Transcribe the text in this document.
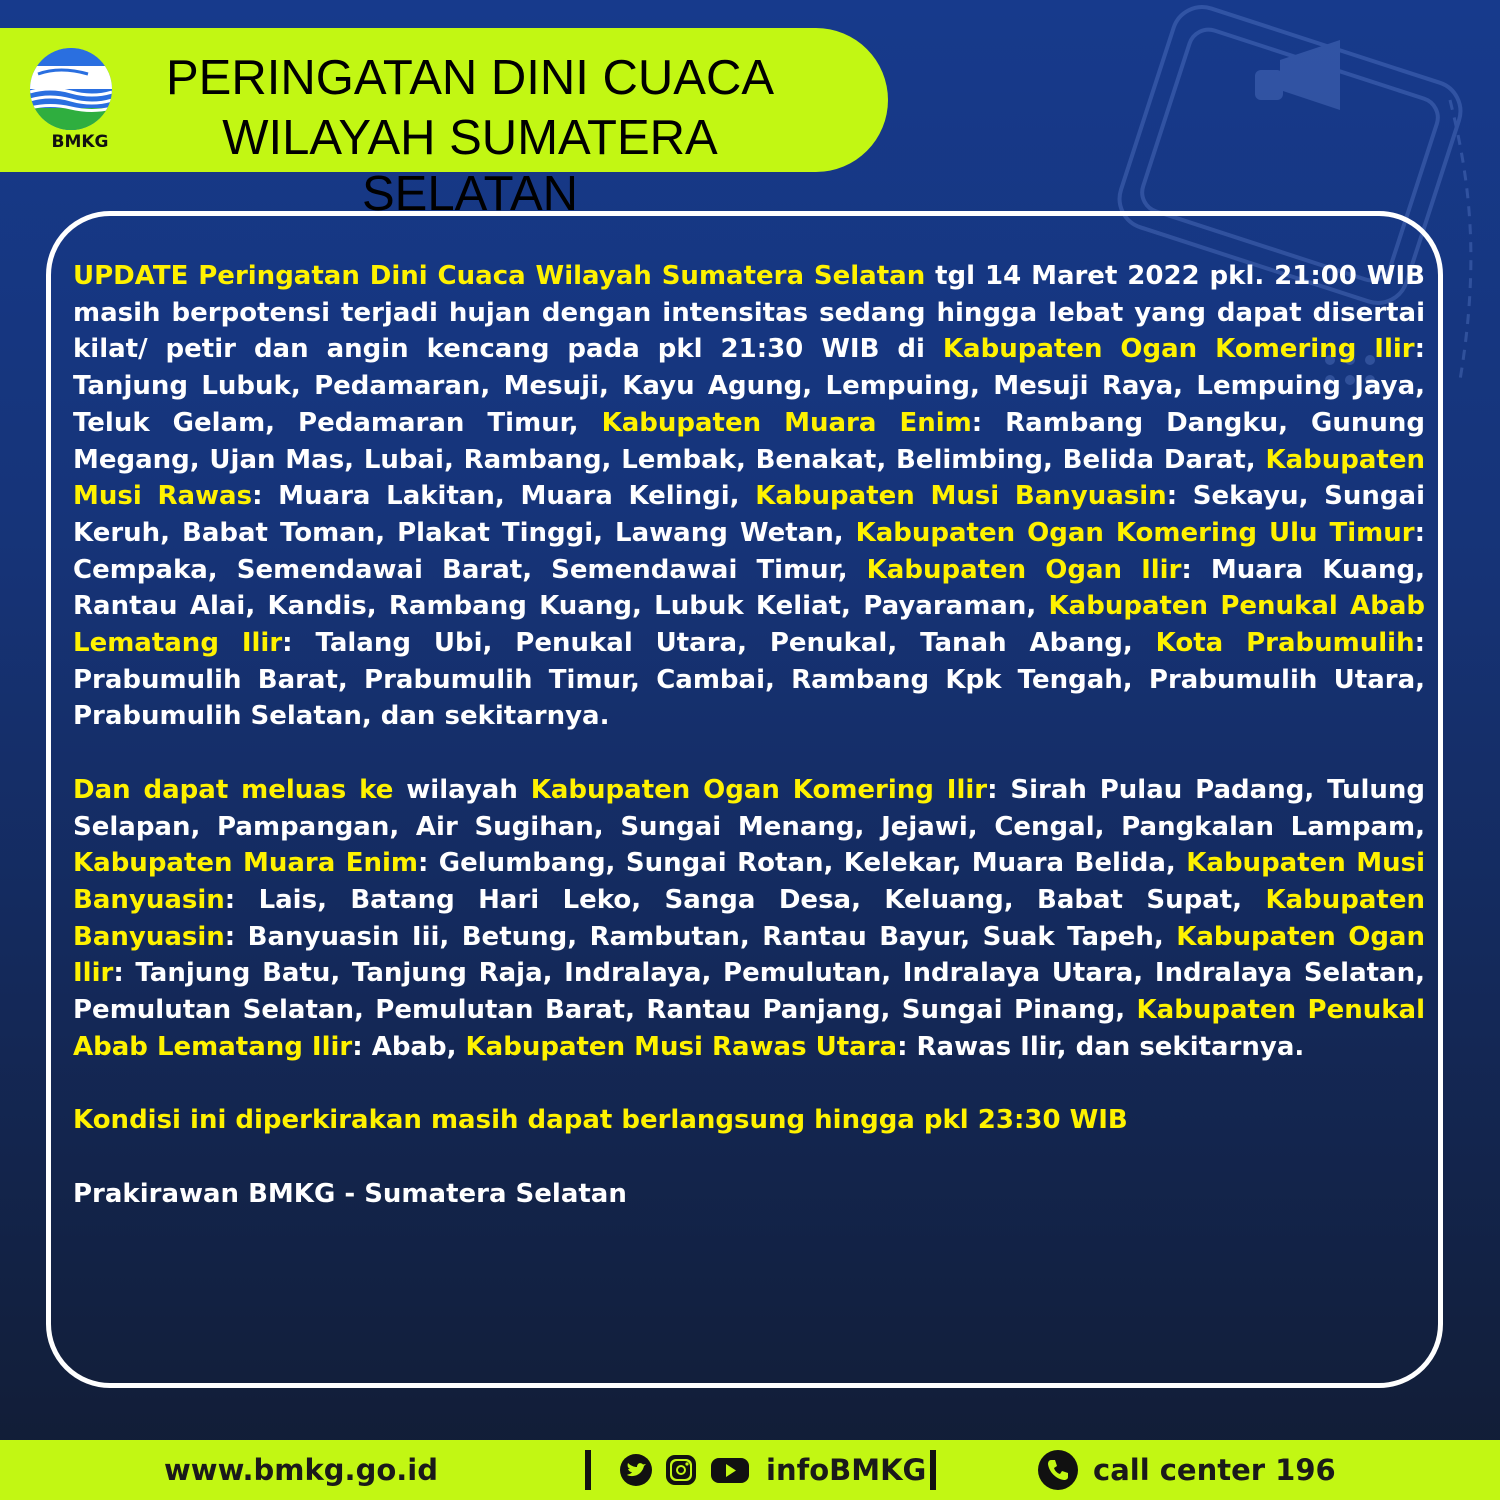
BMKG
PERINGATAN DINI CUACA
WILAYAH SUMATERA SELATAN

UPDATE Peringatan Dini Cuaca Wilayah Sumatera Selatan tgl 14 Maret 2022 pkl. 21:00 WIB masih berpotensi terjadi hujan dengan intensitas sedang hingga lebat yang dapat disertai kilat/ petir dan angin kencang pada pkl 21:30 WIB di Kabupaten Ogan Komering Ilir: Tanjung Lubuk, Pedamaran, Mesuji, Kayu Agung, Lempuing, Mesuji Raya, Lempuing Jaya, Teluk Gelam, Pedamaran Timur, Kabupaten Muara Enim: Rambang Dangku, Gunung Megang, Ujan Mas, Lubai, Rambang, Lembak, Benakat, Belimbing, Belida Darat, Kabupaten Musi Rawas: Muara Lakitan, Muara Kelingi, Kabupaten Musi Banyuasin: Sekayu, Sungai Keruh, Babat Toman, Plakat Tinggi, Lawang Wetan, Kabupaten Ogan Komering Ulu Timur: Cempaka, Semendawai Barat, Semendawai Timur, Kabupaten Ogan Ilir: Muara Kuang, Rantau Alai, Kandis, Rambang Kuang, Lubuk Keliat, Payaraman, Kabupaten Penukal Abab Lematang Ilir: Talang Ubi, Penukal Utara, Penukal, Tanah Abang, Kota Prabumulih: Prabumulih Barat, Prabumulih Timur, Cambai, Rambang Kpk Tengah, Prabumulih Utara, Prabumulih Selatan, dan sekitarnya.

Dan dapat meluas ke wilayah Kabupaten Ogan Komering Ilir: Sirah Pulau Padang, Tulung Selapan, Pampangan, Air Sugihan, Sungai Menang, Jejawi, Cengal, Pangkalan Lampam, Kabupaten Muara Enim: Gelumbang, Sungai Rotan, Kelekar, Muara Belida, Kabupaten Musi Banyuasin: Lais, Batang Hari Leko, Sanga Desa, Keluang, Babat Supat, Kabupaten Banyuasin: Banyuasin Iii, Betung, Rambutan, Rantau Bayur, Suak Tapeh, Kabupaten Ogan Ilir: Tanjung Batu, Tanjung Raja, Indralaya, Pemulutan, Indralaya Utara, Indralaya Selatan, Pemulutan Selatan, Pemulutan Barat, Rantau Panjang, Sungai Pinang, Kabupaten Penukal Abab Lematang Ilir: Abab, Kabupaten Musi Rawas Utara: Rawas Ilir, dan sekitarnya.

Kondisi ini diperkirakan masih dapat berlangsung hingga pkl 23:30 WIB

Prakirawan BMKG - Sumatera Selatan

www.bmkg.go.id	infoBMKG	call center 196
